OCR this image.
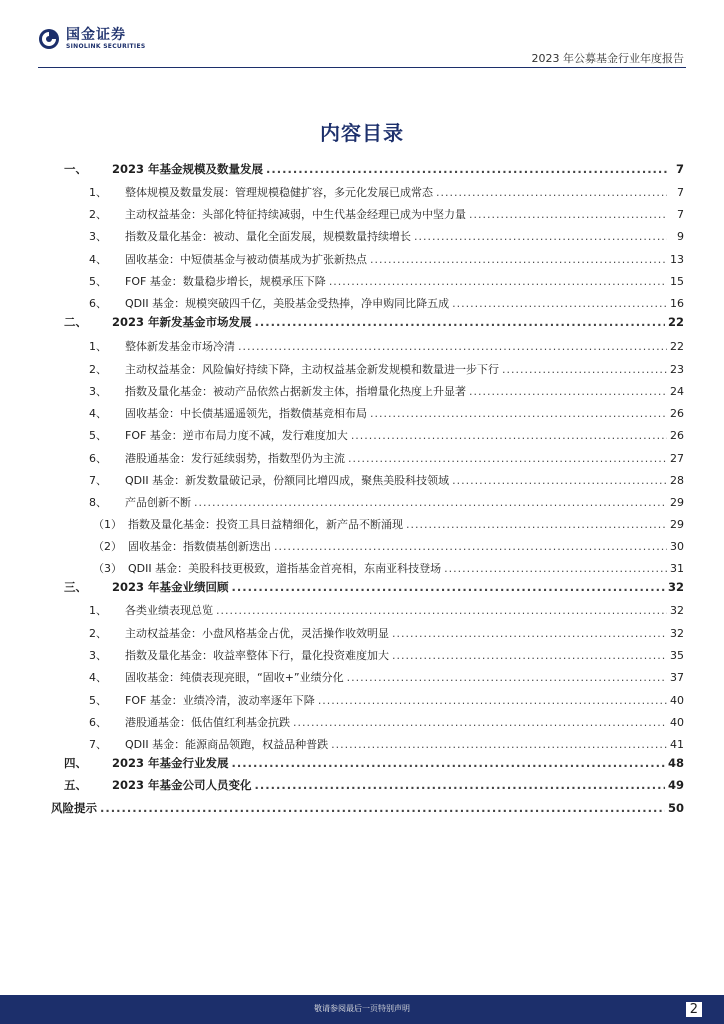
国金证券
SINOLINK SECURITIES
2023 年公募基金行业年度报告
内容目录
一、	2023 年基金规模及数量发展 .....	7
1、	整体规模及数量发展：管理规模稳健扩容，多元化发展已成常态 .....	7
2、	主动权益基金：头部化特征持续减弱，中生代基金经理已成为中坚力量 .....	7
3、	指数及量化基金：被动、量化全面发展，规模数量持续增长 .....	9
4、	固收基金：中短债基金与被动债基成为扩张新热点 .....	13
5、	FOF 基金：数量稳步增长，规模承压下降 .....	15
6、	QDII 基金：规模突破四千亿，美股基金受热捧，净申购同比降五成 .....	16
二、	2023 年新发基金市场发展 .....	22
1、	整体新发基金市场冷清 .....	22
2、	主动权益基金：风险偏好持续下降，主动权益基金新发规模和数量进一步下行 .....	23
3、	指数及量化基金：被动产品依然占据新发主体，指增量化热度上升显著 .....	24
4、	固收基金：中长债基遥遥领先，指数债基竞相布局 .....	26
5、	FOF 基金：逆市布局力度不减，发行难度加大 .....	26
6、	港股通基金：发行延续弱势，指数型仍为主流 .....	27
7、	QDII 基金：新发数量破记录，份额同比增四成，聚焦美股科技领域 .....	28
8、	产品创新不断 .....	29
（1） 指数及量化基金：投资工具日益精细化，新产品不断涌现 .....	29
（2） 固收基金：指数债基创新迭出 .....	30
（3） QDII 基金：美股科技更极致，道指基金首亮相，东南亚科技登场 .....	31
三、	2023 年基金业绩回顾 .....	32
1、	各类业绩表现总览 .....	32
2、	主动权益基金：小盘风格基金占优，灵活操作收效明显 .....	32
3、	指数及量化基金：收益率整体下行，量化投资难度加大 .....	35
4、	固收基金：纯债表现亮眼，“固收+”业绩分化 .....	37
5、	FOF 基金：业绩冷清，波动率逐年下降 .....	40
6、	港股通基金：低估值红利基金抗跌 .....	40
7、	QDII 基金：能源商品领跑，权益品种普跌 .....	41
四、	2023 年基金行业发展 .....	48
五、	2023 年基金公司人员变化 .....	49
风险提示 .....	50
敬请参阅最后一页特别声明	2
